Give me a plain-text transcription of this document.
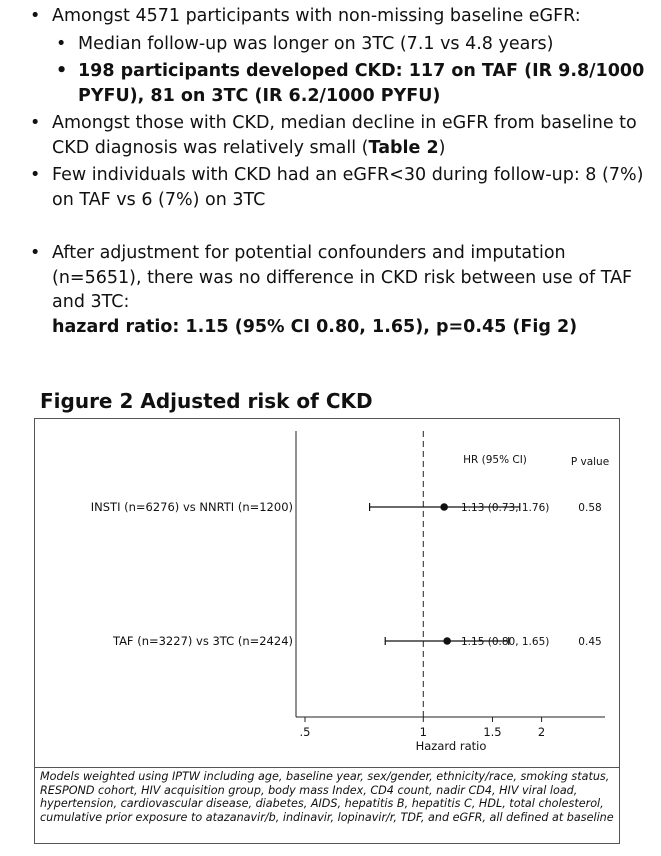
• Amongst 4571 participants with non-missing baseline eGFR:

• Median follow-up was longer on 3TC (7.1 vs 4.8 years)

• 198 participants developed CKD: 117 on TAF (IR 9.8/1000 PYFU), 81 on 3TC (IR 6.2/1000 PYFU)

• Amongst those with CKD, median decline in eGFR from baseline to CKD diagnosis was relatively small (Table 2)

• Few individuals with CKD had an eGFR<30 during follow-up: 8 (7%) on TAF vs 6 (7%) on 3TC

• After adjustment for potential confounders and imputation (n=5651), there was no difference in CKD risk between use of TAF and 3TC:
hazard ratio: 1.15 (95% CI 0.80, 1.65), p=0.45 (Fig 2)

Figure 2 Adjusted risk of CKD
.5	1	1.5	2
Hazard ratio
HR (95% CI)	P value
INSTI (n=6276) vs NNRTI (n=1200)	1.13 (0.73, 1.76)	0.58
TAF (n=3227) vs 3TC (n=2424)	1.15 (0.80, 1.65)	0.45
Models weighted using IPTW including age, baseline year, sex/gender, ethnicity/race, smoking status, RESPOND cohort, HIV acquisition group, body mass Index, CD4 count, nadir CD4, HIV viral load, hypertension, cardiovascular disease, diabetes, AIDS, hepatitis B, hepatitis C, HDL, total cholesterol, cumulative prior exposure to atazanavir/b, indinavir, lopinavir/r, TDF, and eGFR, all defined at baseline
